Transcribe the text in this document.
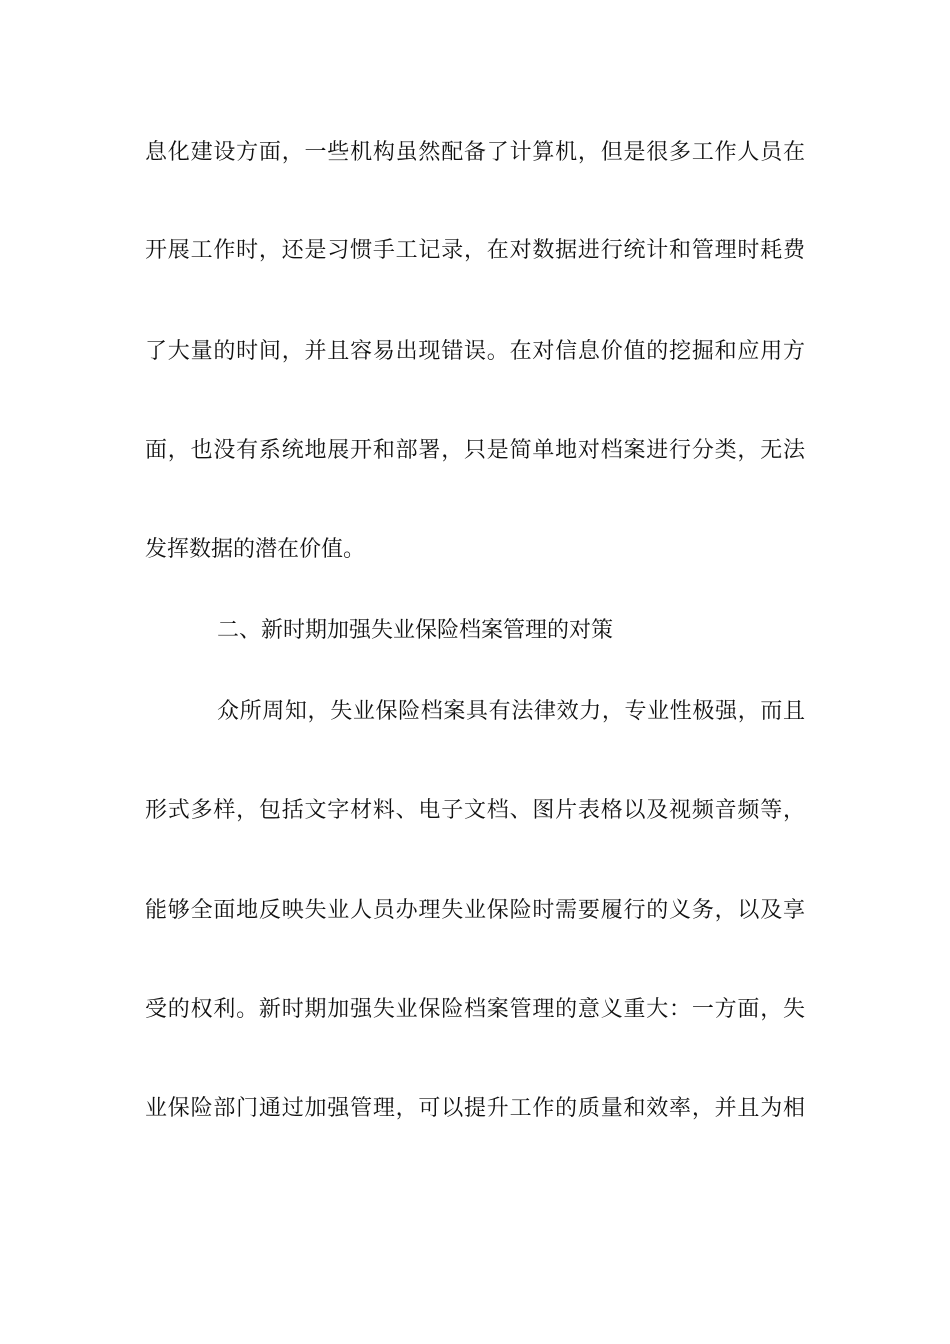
息化建设方面，一些机构虽然配备了计算机，但是很多工作人员在
开展工作时，还是习惯手工记录，在对数据进行统计和管理时耗费
了大量的时间，并且容易出现错误。在对信息价值的挖掘和应用方
面，也没有系统地展开和部署，只是简单地对档案进行分类，无法
发挥数据的潜在价值。
二、新时期加强失业保险档案管理的对策
众所周知，失业保险档案具有法律效力，专业性极强，而且
形式多样，包括文字材料、电子文档、图片表格以及视频音频等，
能够全面地反映失业人员办理失业保险时需要履行的义务，以及享
受的权利。新时期加强失业保险档案管理的意义重大：一方面，失
业保险部门通过加强管理，可以提升工作的质量和效率，并且为相
